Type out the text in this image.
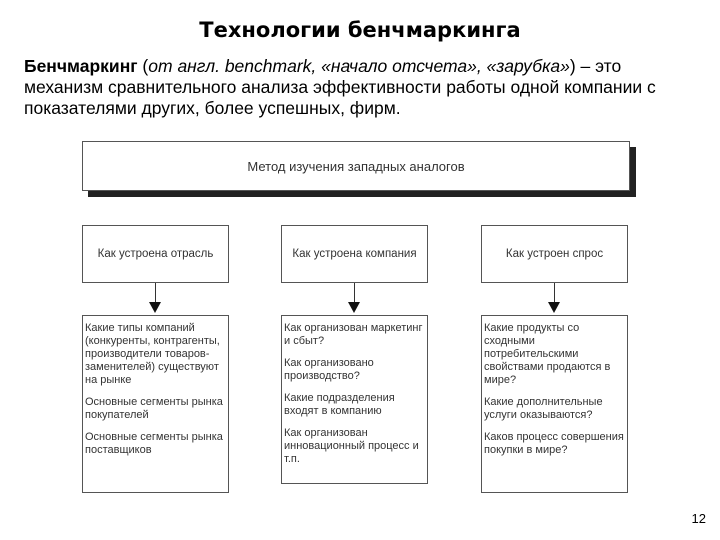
Технологии бенчмаркинга
Бенчмаркинг (от англ. benchmark, «начало отсчета», «зарубка») – это механизм сравнительного анализа эффективности работы одной компании с показателями других, более успешных, фирм.
Метод изучения западных аналогов
Как устроена отрасль	Как устроена компания	Как устроен спрос

Какие типы компаний (конкуренты, контрагенты, производители товаров-заменителей) существуют на рынке

Основные сегменты рынка покупателей

Основные сегменты рынка поставщиков

Как организован маркетинг и сбыт?

Как организовано производство?

Какие подразделения входят в компанию

Как организован инновационный процесс и т.п.

Какие продукты со сходными потребительскими свойствами продаются в мире?

Какие дополнительные услуги оказываются?

Каков процесс совершения покупки в мире?

12
